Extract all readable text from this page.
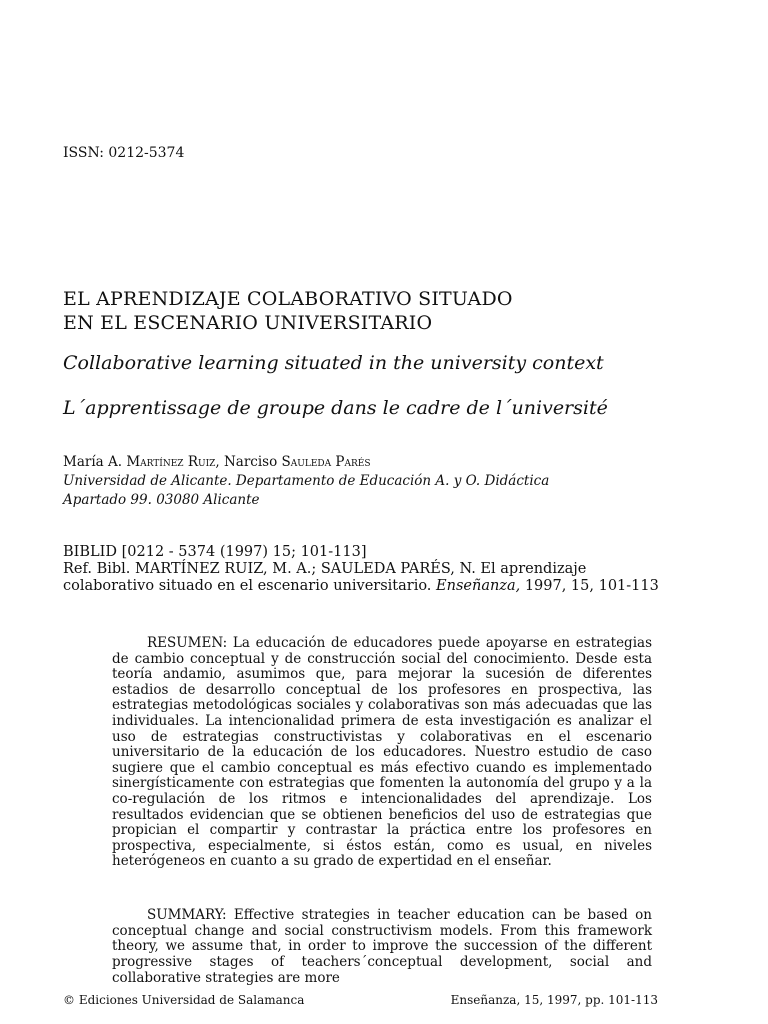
ISSN: 0212-5374
EL APRENDIZAJE COLABORATIVO SITUADO
EN EL ESCENARIO UNIVERSITARIO
Collaborative learning situated in the university context
L´apprentissage de groupe dans le cadre de l´université
María A. Martínez Ruiz, Narciso Sauleda Parés
Universidad de Alicante. Departamento de Educación A. y O. Didáctica
Apartado 99. 03080 Alicante
BIBLID [0212 - 5374 (1997) 15; 101-113]
Ref. Bibl. MARTÍNEZ RUIZ, M. A.; SAULEDA PARÉS, N. El aprendizaje colaborativo situado en el escenario universitario. Enseñanza, 1997, 15, 101-113
RESUMEN: La educación de educadores puede apoyarse en estrategias de cambio conceptual y de construcción social del conocimiento. Desde esta teoría andamio, asumimos que, para mejorar la sucesión de diferentes estadios de desarrollo conceptual de los profesores en prospectiva, las estrategias metodológicas sociales y colaborativas son más adecuadas que las individuales. La intencionalidad primera de esta investigación es analizar el uso de estrategias constructivistas y colaborativas en el escenario universitario de la educación de los educadores. Nuestro estudio de caso sugiere que el cambio conceptual es más efectivo cuando es implementado sinergísticamente con estrategias que fomenten la autonomía del grupo y a la co-regulación de los ritmos e intencionalidades del aprendizaje. Los resultados evidencian que se obtienen beneficios del uso de estrategias que propician el compartir y contrastar la práctica entre los profesores en prospectiva, especialmente, si éstos están, como es usual, en niveles heterógeneos en cuanto a su grado de expertidad en el enseñar.
SUMMARY: Effective strategies in teacher education can be based on conceptual change and social constructivism models. From this framework theory, we assume that, in order to improve the succession of the different progressive stages of teachers´conceptual development, social and collaborative strategies are more
© Ediciones Universidad de Salamanca	Enseñanza, 15, 1997, pp. 101-113
